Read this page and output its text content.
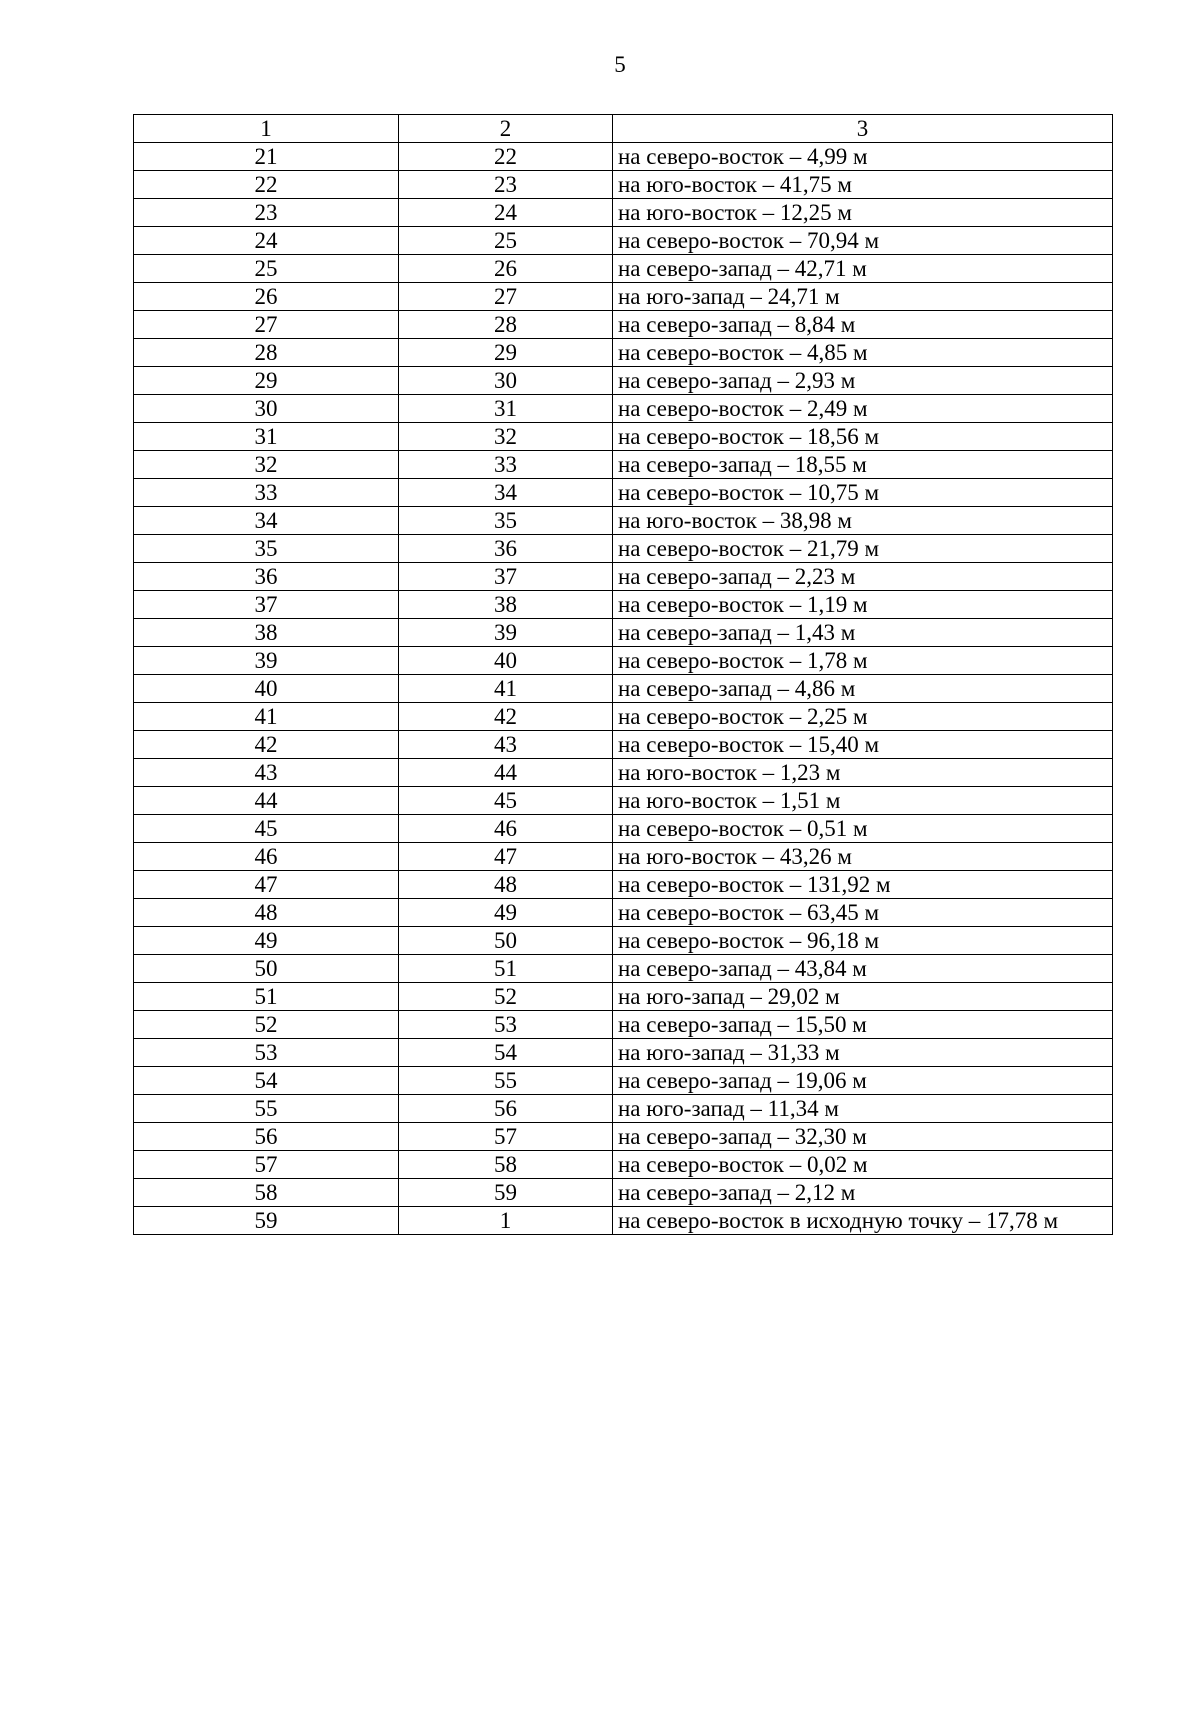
5
1	2	3
21	22	на северо-восток – 4,99 м
22	23	на юго-восток – 41,75 м
23	24	на юго-восток – 12,25 м
24	25	на северо-восток – 70,94 м
25	26	на северо-запад – 42,71 м
26	27	на юго-запад – 24,71 м
27	28	на северо-запад – 8,84 м
28	29	на северо-восток – 4,85 м
29	30	на северо-запад – 2,93 м
30	31	на северо-восток – 2,49 м
31	32	на северо-восток – 18,56 м
32	33	на северо-запад – 18,55 м
33	34	на северо-восток – 10,75 м
34	35	на юго-восток – 38,98 м
35	36	на северо-восток – 21,79 м
36	37	на северо-запад – 2,23 м
37	38	на северо-восток – 1,19 м
38	39	на северо-запад – 1,43 м
39	40	на северо-восток – 1,78 м
40	41	на северо-запад – 4,86 м
41	42	на северо-восток – 2,25 м
42	43	на северо-восток – 15,40 м
43	44	на юго-восток – 1,23 м
44	45	на юго-восток – 1,51 м
45	46	на северо-восток – 0,51 м
46	47	на юго-восток – 43,26 м
47	48	на северо-восток – 131,92 м
48	49	на северо-восток – 63,45 м
49	50	на северо-восток – 96,18 м
50	51	на северо-запад – 43,84 м
51	52	на юго-запад – 29,02 м
52	53	на северо-запад – 15,50 м
53	54	на юго-запад – 31,33 м
54	55	на северо-запад – 19,06 м
55	56	на юго-запад – 11,34 м
56	57	на северо-запад – 32,30 м
57	58	на северо-восток – 0,02 м
58	59	на северо-запад – 2,12 м
59	1	на северо-восток в исходную точку – 17,78 м
